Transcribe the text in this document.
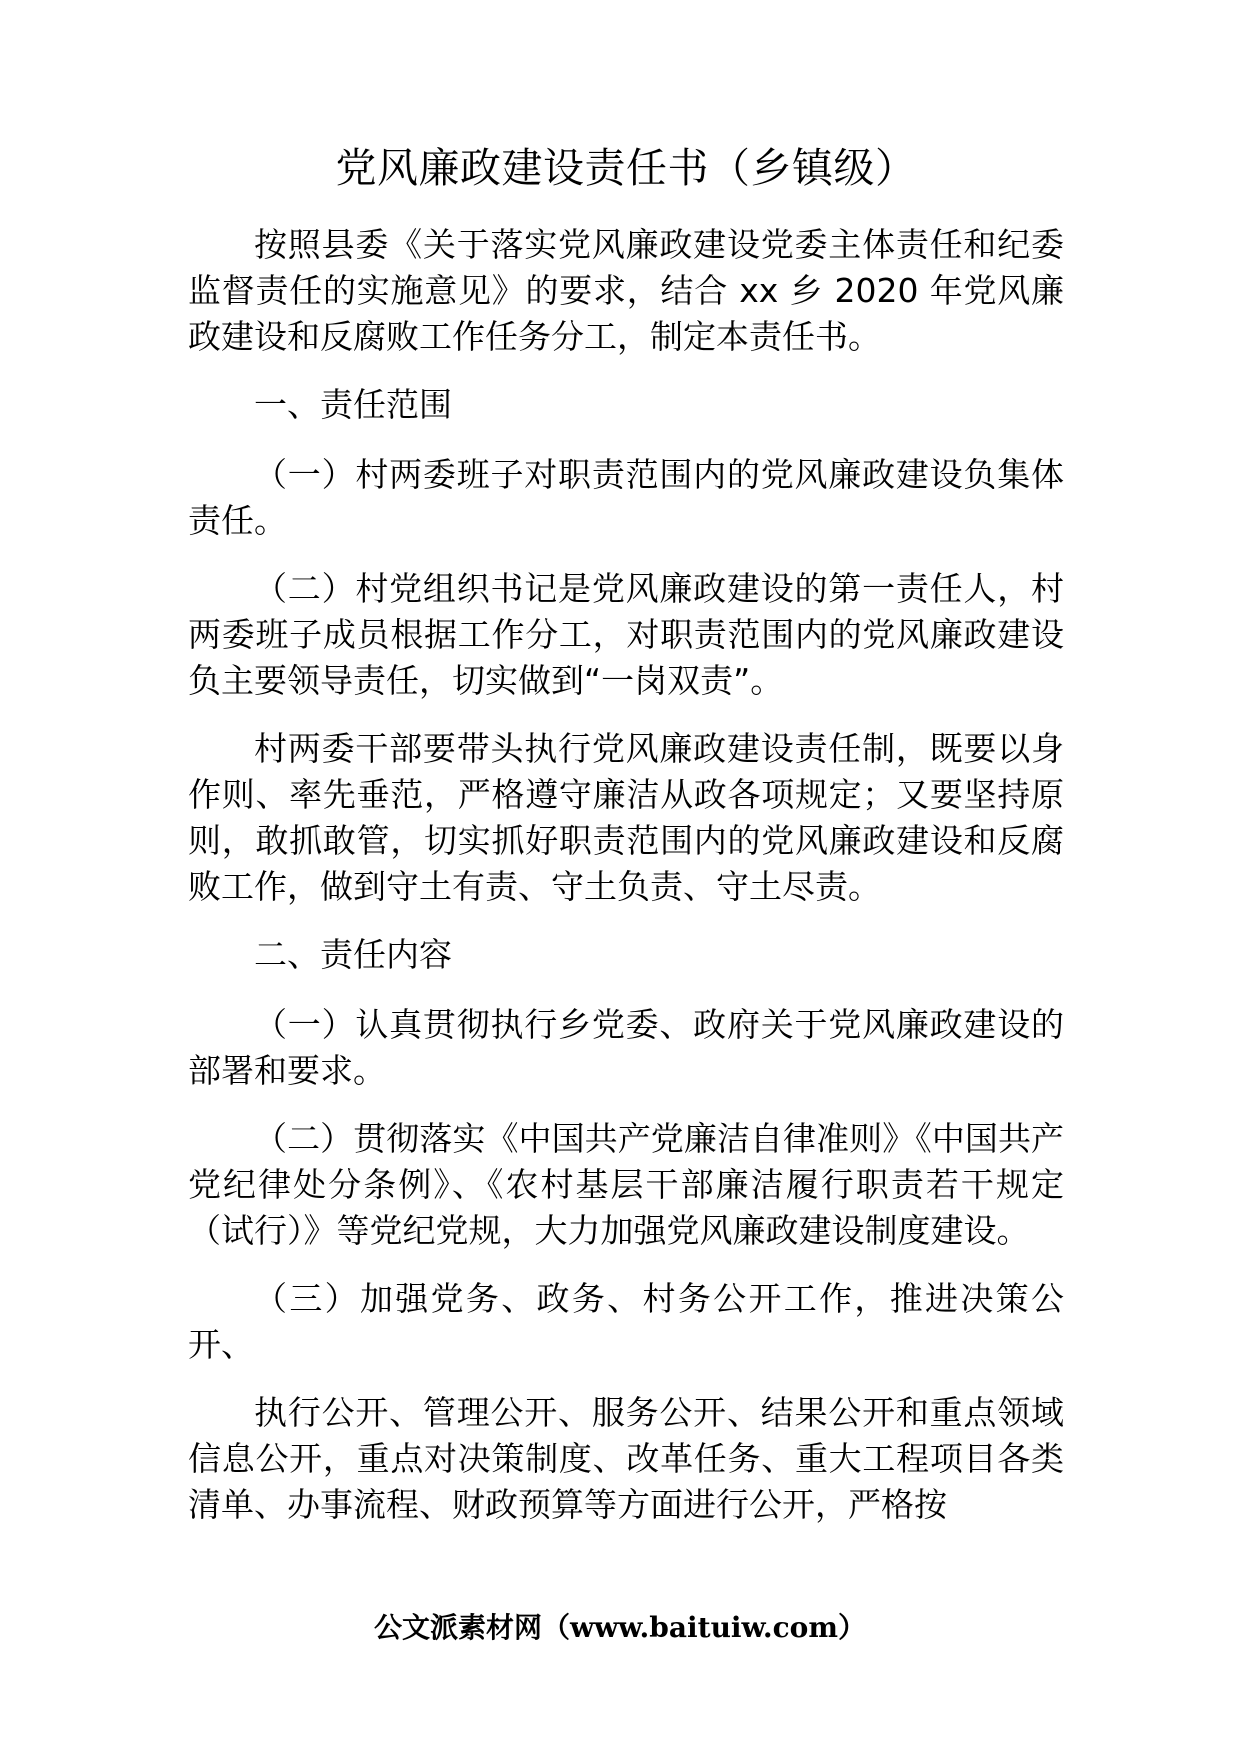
党风廉政建设责任书（乡镇级）

按照县委《关于落实党风廉政建设党委主体责任和纪委监督责任的实施意见》的要求，结合 xx 乡 2020 年党风廉政建设和反腐败工作任务分工，制定本责任书。

一、责任范围

（一）村两委班子对职责范围内的党风廉政建设负集体责任。

（二）村党组织书记是党风廉政建设的第一责任人，村两委班子成员根据工作分工，对职责范围内的党风廉政建设负主要领导责任，切实做到“一岗双责”。

村两委干部要带头执行党风廉政建设责任制，既要以身作则、率先垂范，严格遵守廉洁从政各项规定；又要坚持原则，敢抓敢管，切实抓好职责范围内的党风廉政建设和反腐败工作，做到守土有责、守土负责、守土尽责。

二、责任内容

（一）认真贯彻执行乡党委、政府关于党风廉政建设的部署和要求。

（二）贯彻落实《中国共产党廉洁自律准则》《中国共产党纪律处分条例》、《农村基层干部廉洁履行职责若干规定（试行）》等党纪党规，大力加强党风廉政建设制度建设。

（三）加强党务、政务、村务公开工作，推进决策公开、

执行公开、管理公开、服务公开、结果公开和重点领域信息公开，重点对决策制度、改革任务、重大工程项目各类清单、办事流程、财政预算等方面进行公开，严格按

公文派素材网（www.baituiw.com）
